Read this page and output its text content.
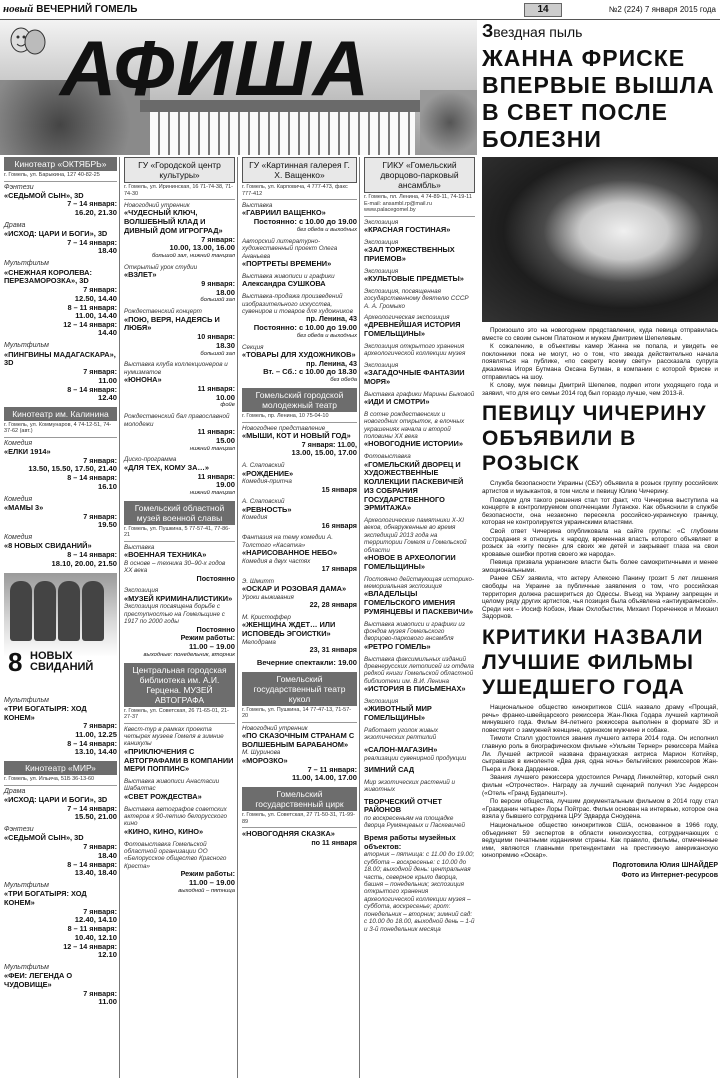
новый ВЕЧЕРНИЙ ГОМЕЛЬ	14	№2 (224) 7 января 2015 года
АФИША
Кинотеатр «ОКТЯБРЬ»
г. Гомель, ул. Барыкина, 127 40-82-25
Фэнтези
«СЕДЬМОЙ СЫН», 3D
7 – 14 января:
16.20, 21.30
Драма
«ИСХОД: ЦАРИ И БОГИ», 3D
7 – 14 января:
18.40
Мультфильм
«СНЕЖНАЯ КОРОЛЕВА: ПЕРЕЗАМОРОЗКА», 3D
7 января:
12.50, 14.40
8 – 11 января:
11.00, 14.40
12 – 14 января:
14.40
Мультфильм
«ПИНГВИНЫ МАДАГАСКАРА», 3D
7 января:
11.00
8 – 14 января:
12.40
Кинотеатр им. Калинина
г. Гомель, ул. Коммунаров, 4 74-12-51, 74-37-62 (авт.)
Комедия
«ЕЛКИ 1914»
7 января:
13.50, 15.50, 17.50, 21.40
8 – 14 января:
16.10
Комедия
«МАМЫ 3»
7 января:
19.50
Комедия
«8 НОВЫХ СВИДАНИЙ»
8 – 14 января:
18.10, 20.00, 21.50
8 НОВЫХ СВИДАНИЙ
Мультфильм
«ТРИ БОГАТЫРЯ: ХОД КОНЕМ»
7 января:
11.00, 12.25
8 – 14 января:
13.10, 14.40
Кинотеатр «МИР»
г. Гомель, ул. Ильича, 51Б 36-13-60
Драма
«ИСХОД: ЦАРИ И БОГИ», 3D
7 – 14 января:
15.50, 21.00
Фэнтези
«СЕДЬМОЙ СЫН», 3D
7 января:
18.40
8 – 14 января:
13.40, 18.40
Мультфильм
«ТРИ БОГАТЫРЯ: ХОД КОНЕМ»
7 января:
12.40, 14.10
8 – 11 января:
10.40, 12.10
12 – 14 января:
12.10
Мультфильм
«ФЕИ: ЛЕГЕНДА О ЧУДОВИЩЕ»
7 января:
11.00
ГУ «Городской центр культуры»
г. Гомель, ул. Ирининская, 16 71-74-38, 71-74-30
Новогодний утренник
«ЧУДЕСНЫЙ КЛЮЧ, ВОЛШЕБНЫЙ КЛАД И ДИВНЫЙ ДОМ ИГРОГРАД»
7 января:
10.00, 13.00, 16.00
большой зал, нижний танцзал
Открытый урок студии
«ВЗЛЕТ»
9 января:
18.00
большой зал
Рождественский концерт
«ПОЮ, ВЕРЯ, НАДЕЯСЬ И ЛЮБЯ»
10 января:
18.30
большой зал
Выставка клуба коллекционеров и нумизматов
«ЮНОНА»
11 января:
10.00
фойе
Рождественский бал православной молодежи
11 января:
15.00
нижний танцзал
Диско-программа
«ДЛЯ ТЕХ, КОМУ ЗА…»
11 января:
19.00
нижний танцзал
Гомельский областной музей военной славы
г. Гомель, ул. Пушкина, 5 77-57-41, 77-86-21
Выставка
«ВОЕННАЯ ТЕХНИКА»
В основе – техника 30–90-х годов XX века
Постоянно
Экспозиция
«МУЗЕЙ КРИМИНАЛИСТИКИ»
Экспозиция посвящена борьбе с преступностью на Гомельщине с 1917 по 2000 годы
Постоянно
Режим работы:
11.00 – 19.00
выходные: понедельник, вторник
Центральная городская библиотека им. А.И. Герцена. МУЗЕЙ АВТОГРАФА
г. Гомель, ул. Советская, 26 71-65-01, 21-27-37
Квест-тур в рамках проекта четырех музеев Гомеля в зимние каникулы
«ПРИКЛЮЧЕНИЯ С АВТОГРАФАМИ В КОМПАНИИ МЕРИ ПОППИНС»
Выставка живописи Анастасии Шабалтас
«СВЕТ РОЖДЕСТВА»
Выставка автографов советских актеров к 90-летию белорусского кино
«КИНО, КИНО, КИНО»
Фотовыставка Гомельской областной организации ОО «Белорусское общество Красного Креста»
Режим работы:
11.00 – 19.00
выходной – пятница
ГУ «Картинная галерея Г. Х. Ващенко»
г. Гомель, ул. Карповича, 4 777-473, факс 777-412
Выставка
«ГАВРИИЛ ВАЩЕНКО»
Постоянно: с 10.00 до 19.00
без обеда и выходных
Авторский литературно-художественный проект Олега Ананьева
«ПОРТРЕТЫ ВРЕМЕНИ»
Выставка живописи и графики
Александра СУШКОВА
Выставка-продажа произведений изобразительного искусства, сувениров и товаров для художников
пр. Ленина, 43
Постоянно: с 10.00 до 19.00
без обеда и выходных
Секция
«ТОВАРЫ ДЛЯ ХУДОЖНИКОВ»
пр. Ленина, 43
Вт. – Сб.: с 10.00 до 18.30
без обеда
Гомельский городской молодежный театр
г. Гомель, пр. Ленина, 10 75-04-10
Новогоднее представление
«МЫШИ, КОТ И НОВЫЙ ГОД»
7 января: 11.00,
13.00, 15.00, 17.00
А. Слаповский
«РОЖДЕНИЕ»
Комедия-притча
15 января
А. Слаповский
«РЕВНОСТЬ»
Комедия
16 января
Фантазия на тему комедии А. Толстого «Касатка»
«НАРИСОВАННОЕ НЕБО»
Комедия в двух частях
17 января
Э. Шмитт
«ОСКАР И РОЗОВАЯ ДАМА»
Уроки выживания
22, 28 января
М. Кристоффер
«ЖЕНЩИНА ЖДЕТ… ИЛИ ИСПОВЕДЬ ЭГОИСТКИ»
Мелодрама
23, 31 января
Вечерние спектакли: 19.00
Гомельский государственный театр кукол
г. Гомель, ул. Пушкина, 14 77-47-13, 71-57-20
Новогодний утренник
«ПО СКАЗОЧНЫМ СТРАНАМ С ВОЛШЕБНЫМ БАРАБАНОМ»
М. Шуринова
«МОРОЗКО»
7 – 11 января:
11.00, 14.00, 17.00
Гомельский государственный цирк
г. Гомель, ул. Советская, 27 71-50-31, 71-99-89
«НОВОГОДНЯЯ СКАЗКА»
по 11 января
ГИКУ «Гомельский дворцово-парковый ансамбль»
г. Гомель, пл. Ленина, 4 74-89-11, 74-19-11 E-mail: ansambl.rp@mail.ru www.palacegomel.by
Экспозиция
«КРАСНАЯ ГОСТИНАЯ»
Экспозиция
«ЗАЛ ТОРЖЕСТВЕННЫХ ПРИЕМОВ»
Экспозиция
«КУЛЬТОВЫЕ ПРЕДМЕТЫ»
Экспозиция, посвященная государственному деятелю СССР А. А. Громыко
Археологическая экспозиция
«ДРЕВНЕЙШАЯ ИСТОРИЯ ГОМЕЛЬЩИНЫ»
Экспозиция открытого хранения археологической коллекции музея
Экспозиция
«ЗАГАДОЧНЫЕ ФАНТАЗИИ МОРЯ»
Выставка графики Марины Быковой
«ИДИ И СМОТРИ»
В сотне рождественских и новогодних открыток, в елочных украшениях начала и второй половины XX века
«НОВОГОДНИЕ ИСТОРИИ»
Фотовыставка
«ГОМЕЛЬСКИЙ ДВОРЕЦ И ХУДОЖЕСТВЕННЫЕ КОЛЛЕКЦИИ ПАСКЕВИЧЕЙ ИЗ СОБРАНИЯ ГОСУДАРСТВЕННОГО ЭРМИТАЖА»
Археологические памятники X-XI веков, обнаруженные во время экспедиций 2013 года на территории Гомеля и Гомельской области
«НОВОЕ В АРХЕОЛОГИИ ГОМЕЛЬЩИНЫ»
Постоянно действующая историко-мемориальная экспозиция
«ВЛАДЕЛЬЦЫ ГОМЕЛЬСКОГО ИМЕНИЯ РУМЯНЦЕВЫ И ПАСКЕВИЧИ»
Выставка живописи и графики из фондов музея Гомельского дворцово-паркового ансамбля
«РЕТРО ГОМЕЛЬ»
Выставка факсимильных изданий древнерусских летописей из отдела редкой книги Гомельской областной библиотеки им. В.И. Ленина
«ИСТОРИЯ В ПИСЬМЕНАХ»
Экспозиция
«ЖИВОТНЫЙ МИР ГОМЕЛЬЩИНЫ»
Работает уголок живых экзотических рептилий
«САЛОН-МАГАЗИН»
реализации сувенирной продукции
ЗИМНИЙ САД
Мир экзотических растений и животных
ТВОРЧЕСКИЙ ОТЧЕТ РАЙОНОВ
по воскресеньям на площадке дворца Румянцевых и Паскевичей
Время работы музейных объектов:
вторник – пятница: с 11.00 до 19.00; суббота – воскресенье: с 10.00 до 18.00; выходной день: центральная часть, северное крыло дворца, башня – понедельник; экспозиция открытого хранения археологической коллекции музея – суббота, воскресенье; грот: понедельник – вторник; зимний сад: с 10.00 до 18.00, выходной день – 1-й и 3-й понедельник месяца
Звездная пыль
ЖАННА ФРИСКЕ ВПЕРВЫЕ ВЫШЛА В СВЕТ ПОСЛЕ БОЛЕЗНИ
Произошло это на новогоднем представлении, куда певица отправилась вместе со своим сыном Платоном и мужем Дмитрием Шепелевым.
К сожалению, в объективы камер Жанна не попала, и увидеть ее поклонники пока не могут, но о том, что звезда действительно начала появляться на публике, «по секрету всему свету» рассказала супруга джазмена Игоря Бутмана Оксана Бутман, в компании с которой Фриске и отправилась на шоу.
К слову, муж певицы Дмитрий Шепелев, подвел итоги уходящего года и заявил, что для его семьи 2014 год был гораздо лучше, чем 2013-й.
ПЕВИЦУ ЧИЧЕРИНУ ОБЪЯВИЛИ В РОЗЫСК
Служба безопасности Украины (СБУ) объявила в розыск группу российских артистов и музыкантов, в том числе и певицу Юлию Чичерину.
Поводом для такого решения стал тот факт, что Чичерина выступила на концерте в контролируемом ополченцами Луганске. Как объяснили в службе безопасности, она незаконно пересекла российско-украинскую границу, которая не контролируется украинскими властями.
Свой ответ Чичерина опубликовала на сайте группы: «С глубоким сострадания я отношусь к народу, временная власть которого объявляет в розыск за «хиту песен» для своих же детей и закрывает глаза на свои кровавые ошибки против своего же народа».
Певица призвала украинские власти быть более самокритичными и менее эмоциональными.
Ранее СБУ заявила, что актеру Алексею Панину грозит 5 лет лишения свободы на Украине за публичные заявления о том, что российская территория должна расшириться до Одессы. Въезд на Украину запрещен и целому ряду других артистов, чья позиция была объявлена «антиукраинской». Среди них – Иосиф Кобзон, Иван Охлобыстин, Михаил Пореченков и Михаил Задорнов.
КРИТИКИ НАЗВАЛИ ЛУЧШИЕ ФИЛЬМЫ УШЕДШЕГО ГОДА
Национальное общество кинокритиков США назвало драму «Прощай, речь» франко-швейцарского режиссера Жан-Люка Годара лучшей картиной минувшего года. Фильм 84-летнего режиссера выполнен в формате 3D и повествует о замужней женщине, одиноком мужчине и собаке.
Тимоти Спэлл удостоился звания лучшего актера 2014 года. Он исполнил главную роль в биографическом фильме «Уильям Тернер» режиссера Майка Ли. Лучшей актрисой названа французская актриса Марион Котийяр, сыгравшая в киноленте «Два дня, одна ночь» бельгийских режиссеров Жан-Пьера и Люка Дарденнов.
Звания лучшего режиссера удостоился Ричард Линклейтер, который снял фильм «Отрочество». Награду за лучший сценарий получил Уэс Андерсон («Отель «Гранд Будапешт»).
По версии общества, лучшим документальным фильмом в 2014 году стал «Гражданин четыре» Лоры Пойтрас. Фильм основан на интервью, которое она взяла у бывшего сотрудника ЦРУ Эдварда Сноудена.
Национальное общество кинокритиков США, основанное в 1966 году, объединяет 59 экспертов в области киноискусства, сотрудничающих с ведущими печатными изданиями страны. Как правило, фильмы, отмеченные ими, являются главными претендентами на престижную американскую кинопремию «Оскар».
Подготовила Юлия ШНАЙДЕР
Фото из Интернет-ресурсов
